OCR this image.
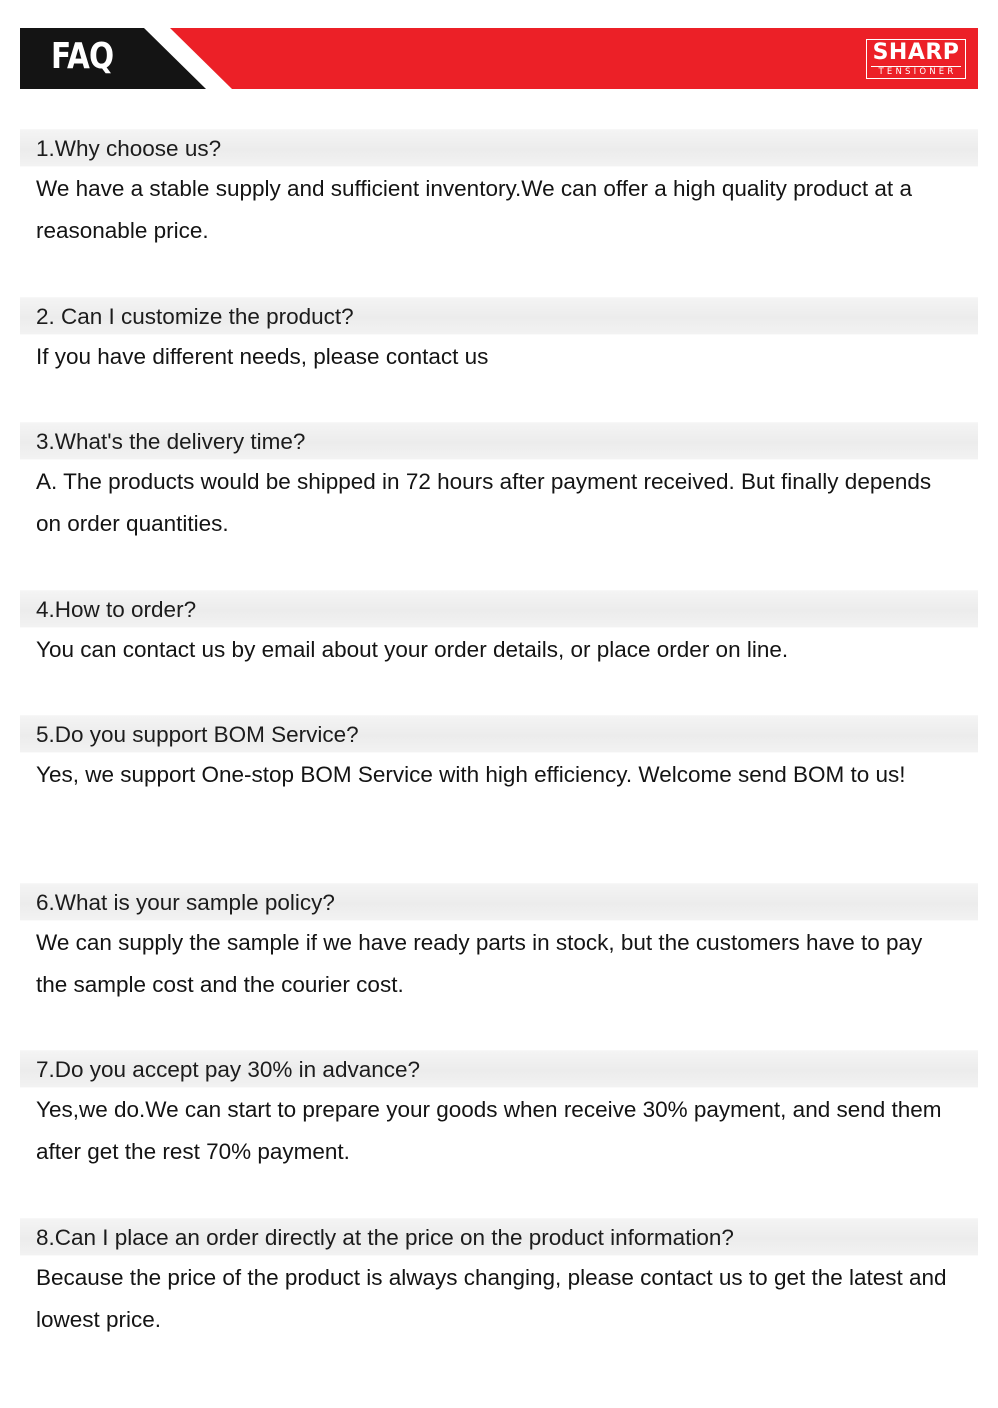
FAQ	SHARP
TENSIONER
1.Why choose us?
We have a stable supply and sufficient inventory.We can offer a high quality product at a reasonable price.
2. Can I customize the product?
If you have different needs, please contact us
3.What's the delivery time?
A. The products would be shipped in 72 hours after payment received. But finally depends on order quantities.
4.How to order?
You can contact us by email about your order details, or place order on line.
5.Do you support BOM Service?
Yes, we support One-stop BOM Service with high efficiency. Welcome send BOM to us!
6.What is your sample policy?
We can supply the sample if we have ready parts in stock, but the customers have to pay the sample cost and the courier cost.
7.Do you accept pay 30% in advance?
Yes,we do.We can start to prepare your goods when receive 30% payment, and send them after get the rest 70% payment.
8.Can I place an order directly at the price on the product information?
Because the price of the product is always changing, please contact us to get the latest and lowest price.
